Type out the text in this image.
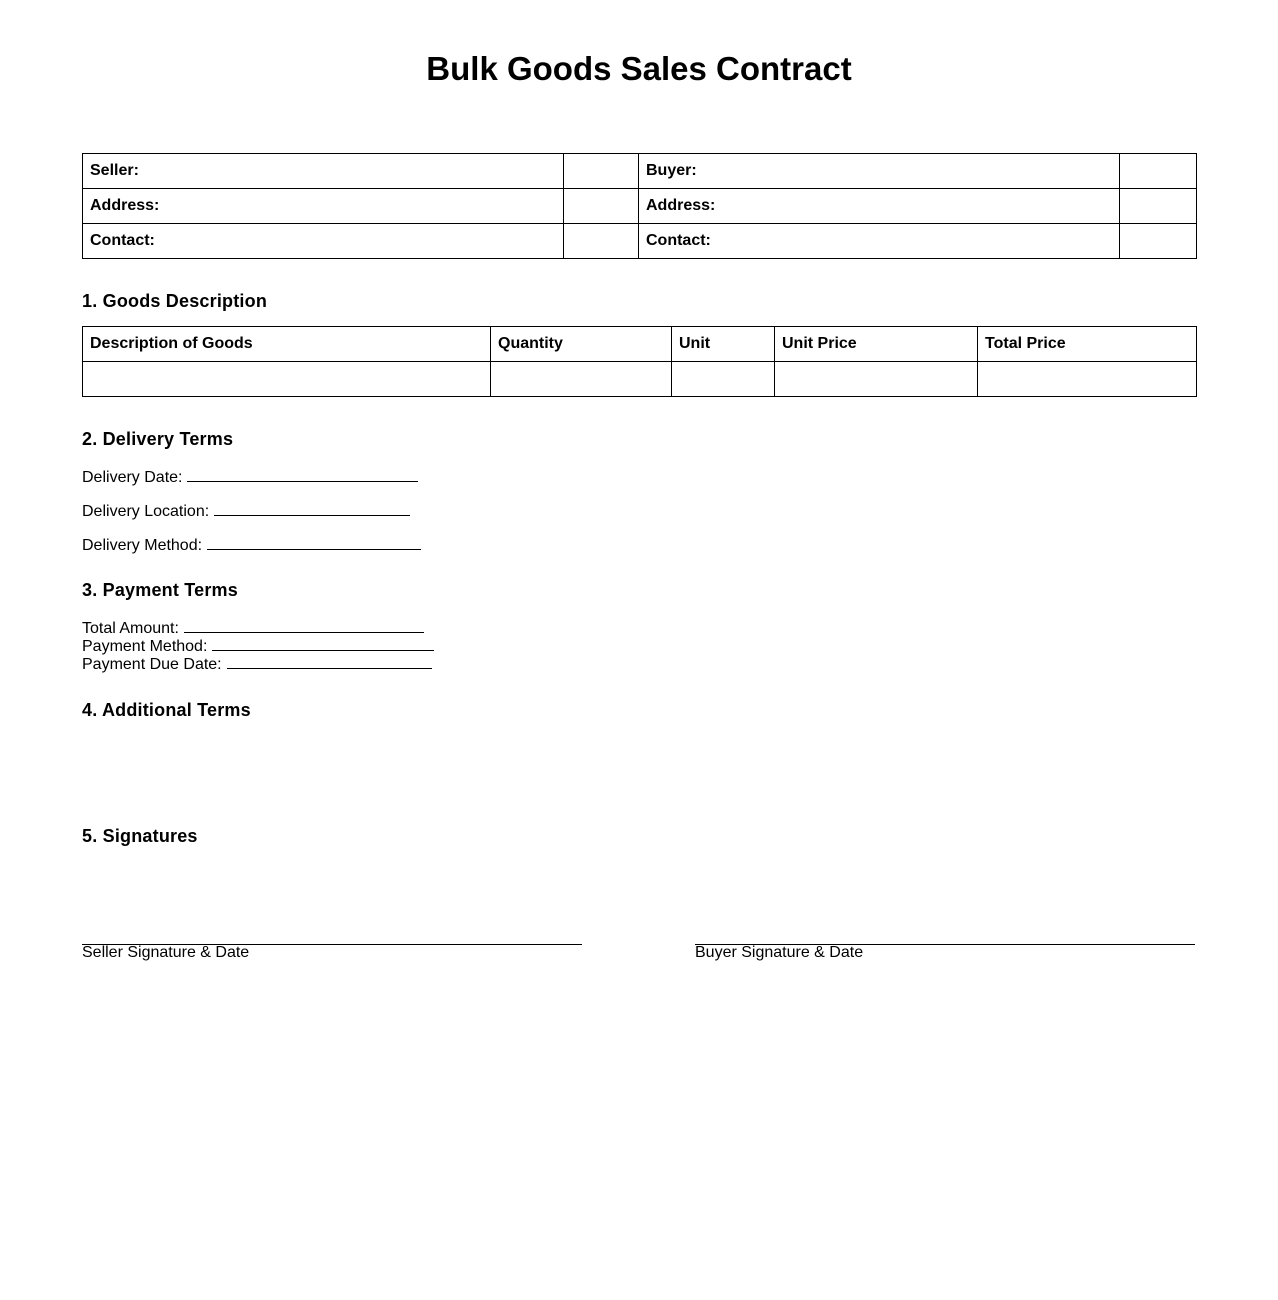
Bulk Goods Sales Contract
Seller:		Buyer:	
Address:		Address:	
Contact:		Contact:	
1. Goods Description
Description of Goods	Quantity	Unit	Unit Price	Total Price

2. Delivery Terms
Delivery Date:
Delivery Location:
Delivery Method:
3. Payment Terms
Total Amount:
Payment Method:
Payment Due Date:
4. Additional Terms
5. Signatures
Seller Signature & Date	Buyer Signature & Date
